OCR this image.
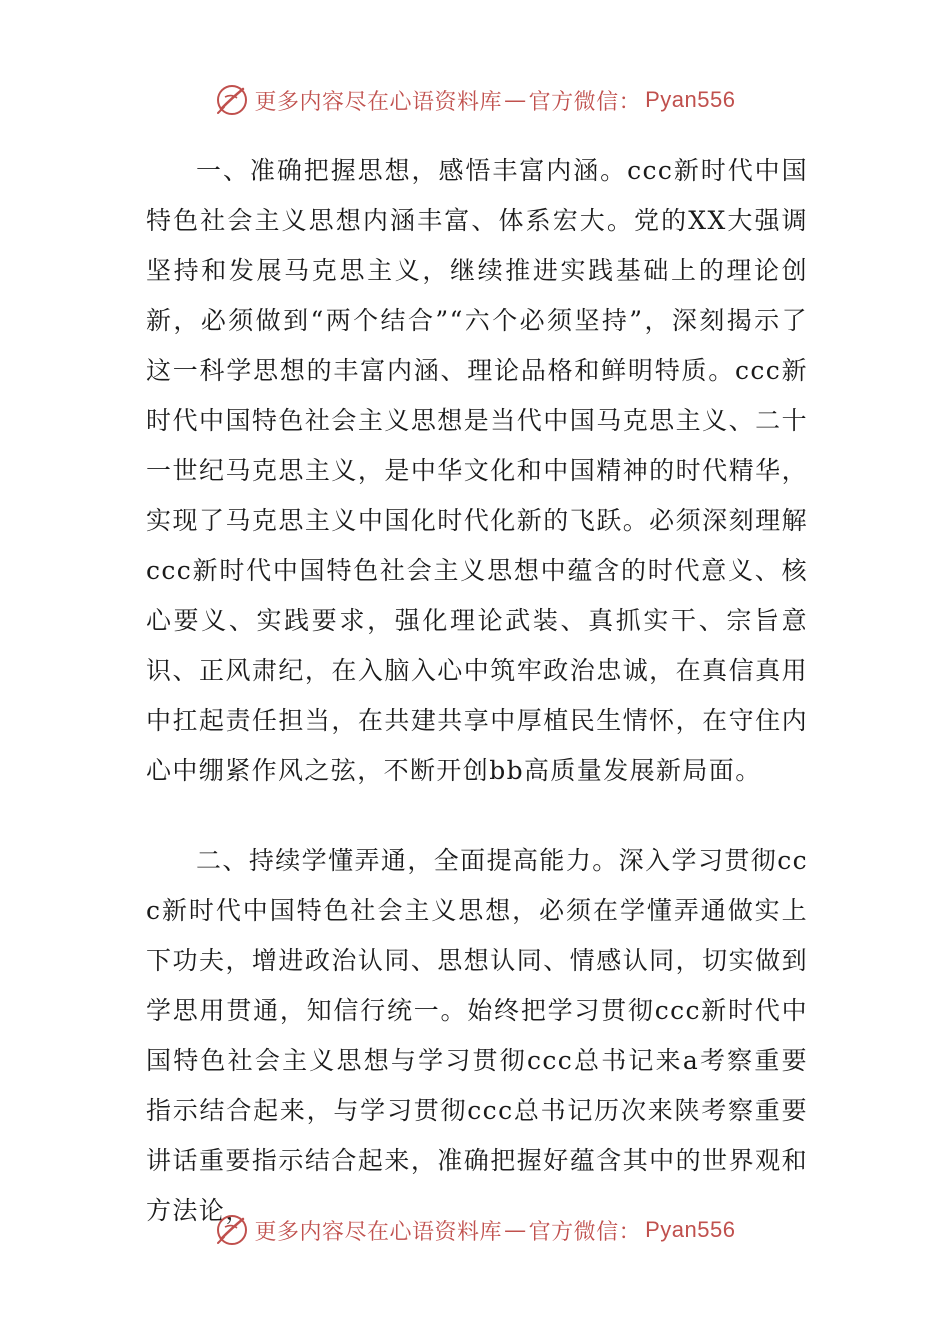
更多内容尽在心语资料库 — 官方微信： Pyan556

一、准确把握思想，感悟丰富内涵。ccc新时代中国特色社会主义思想内涵丰富、体系宏大。党的XX大强调坚持和发展马克思主义，继续推进实践基础上的理论创新，必须做到“两个结合”“六个必须坚持”，深刻揭示了这一科学思想的丰富内涵、理论品格和鲜明特质。ccc新时代中国特色社会主义思想是当代中国马克思主义、二十一世纪马克思主义，是中华文化和中国精神的时代精华，实现了马克思主义中国化时代化新的飞跃。必须深刻理解ccc新时代中国特色社会主义思想中蕴含的时代意义、核心要义、实践要求，强化理论武装、真抓实干、宗旨意识、正风肃纪，在入脑入心中筑牢政治忠诚，在真信真用中扛起责任担当，在共建共享中厚植民生情怀，在守住内心中绷紧作风之弦，不断开创bb高质量发展新局面。

二、持续学懂弄通，全面提高能力。深入学习贯彻ccc新时代中国特色社会主义思想，必须在学懂弄通做实上下功夫，增进政治认同、思想认同、情感认同，切实做到学思用贯通，知信行统一。始终把学习贯彻ccc新时代中国特色社会主义思想与学习贯彻ccc总书记来a考察重要指示结合起来，与学习贯彻ccc总书记历次来陕考察重要讲话重要指示结合起来，准确把握好蕴含其中的世界观和方法论，

更多内容尽在心语资料库 — 官方微信： Pyan556
